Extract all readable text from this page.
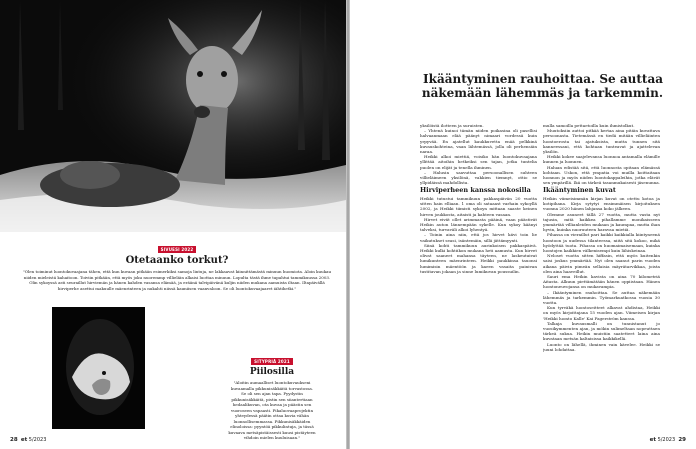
SIVUESI 2022
Otetaanko torkut?

"Olen toiminut luontokuvaajana tähen, että kun kuvaan pitkään esimerkiksi samoja lintuja, ne lakkaavat kiinnittämästä minuun huomiota. Aloin kuukau niiden mieleistä kahaitoon. Toiviin pitkään, että myös joku nuoremmp villieläin alkaisi luottaa minuun. Lopulta tästä ihme tapahtui tammikuussa 2003. Olin sykoyssä asti seuraillut hirviemän ja hänen kahden vasansa elämää, ja eräänä talvipäivänä kuljin niiden mukana aamuista iltaan. Iltapäivällä hirviperhe asettui makuulle mäenrinteen ja nukahti niissä kauniisen vaanvaloon. Se oli luontokuvaajaaret iähtihetki."

SITYPRIÄ 2021
Piilosilla

"Aloitin aumaalliset luontokuvaukseni kuvaamalla pikkunisäkkäitä torvastossa. Se oli sen ajan tapa. Pyydystin pikkunisäkkäitä, pistin sen siiantertiaan hedaalikuvan, ota kuvaa ja päästin sen vuoroseen vapaasti. Pikaluovaaprojektin yhteydessä päätin ottaa kuvia vähän luonnollisemmassa. Pikkunisäkkäiden elinoloissa: pyyntöä pikkulintuja, ja tässä kuvaava metsäpistäissesti kuusi pistäyteen vihdoin mielen kuuluisaan."

28 et 5/2023
Ikääntyminen rauhoittaa. Se auttaa näkemään lähemmäs ja tarkemmin.

yksilöistä ilotteen ja suruisten.

– Yhtenä kuinoi tämän niiden poikasina oli pasellisi halvaanmaan elää päänyt nimaari vordessä kuin yrpyvää. En ajatellut kaukkuvetta enää pelkkinä kuvauskohteina, vaan lähtemässä, jolla oli perhensäin naraa.

Heikki alkoi miettiä, voisiko hän luontokuvaajana yllittää aitoihin hetkeiksi sen tajan, jotka tuntelia puolen on elijät ja tenella ihminen.

– Halusin saavuttaa persoonallisen suhteen villieläimeen yksilönä, vakkien tiemnyt, ottio se yllpidäissä mahdollista.

Hirviperheen kanssa nokosilla

Heikki tutustui tammikuun pakkaspäivän 20 vuotta sitten hain elliaan. 1 oma oli sataaast varhain sykoyllä 2002, ja Heikki tiimisti sykoyn mittaan saaste keinen hirven joukkosta, aitaisti ja kahteen vasaan.

Hirvet eivät ollet arimmasta pääinä, vaan päästivät Heikin auton lännempään sykelle. Kun sykoy käänyi talveksi, turvaväli alkoi lyhentyä.

– Toinin aina niin, että jos hirvet kävi toin lie vaikutukset seasi, isäntemäin, sillä jättämyynti.

Siinä kohti tammikuun aurinkoisen pakkaspäivä. Heikki kulki kohtiikon mukana heti aamusta. Kun hirvet olivat saaneet mahansa täyteen, ne laskeutuivat lumikunteen mäenrinteen. Heikki paukkinsa tauonsi lumimisin mäentöön ja kaeen vasaita painivan tustitavan jokaan ja sinne lumikuvan poussuilin.

mulla samoilla pettaetoilla kuin ihmistolkut.

Muutoksiin auttoi pitkää kertaa aina pitäin kuvattava persoonasta. Tietemässä en tiedä mitään villieläinten luontoerosta tai ajatuksista, mutta tunnen sitä kanneessani, että kohtaan tunteavat ja ajattelevan yksilön.

Heikki kokee saajelevansa luonnoa antamalla elämille kunnen ja luonnen.

Haluan edistää sitä, että luonnosta opitaan elämässä kohtaan. Uskon, että ympatia voi muilla koittaitaan luonnon ja myös niiden luontokappaleihin, jotka elävät sen ympärillä. Ikä on tärkeä tasanmukaisesti jäsenunna.

Ikääntyminen kuvat

Heikin viimeisimmän kirjan kuvat on otettu kotoa ja kotipihana. Kirja sytytyi ensimmäisen kirjoituksen vuonna 2020 hänen lahjansa koko jälkeen.

Olemme asuneet tällä 27 vuotta, mutta vasta nyt tajusin, mitä kaikkea pihallamme monikaisseen ymmärtää villianleiden mukaan ja kaumpaa, mutta ihan hyvin, kuinka nuoruuteen haravaa mietiä.

Pihassa on vieraillut pari kaikki kaikkialla kiintyneenä luontoon ja uudessa tilanteessa, niitä sitä kokoo, mikä hyödyttää tuota. Pihassa on huomaimaisemaan, kuinka luontojen kaikkien välkenisempi kuin lähiskeinaa.

Neloset vuotta sitten hiffasin, että myös kuitenkin saisi joskus ymmärtää. Nyt olen saanut parin vuoden aikana päivin pimeän sellaisia mäyrätarvikkaa, joista olen aina haaveillut.

Sauri ema Heikin kavista on aina 70 kilometriä Aitasta. Alkuun piettämätään hänen oppiistaan. Hänen luontoneuvojansa on mukavampia.

– Ikääntyminen rauhoittaa. Se auttaa näkemään lähemmäs ja tarkemmin. Työmarkuatkossa vuosia 30 vuotta.

Kun tyrväkä luontoseitteet alkavat ahdistaa, Heikki on myös kirjoittajana 15 vuoden ajan. Viimeisen kirjan 'Heikki luonto Kalle' Kai Fagerström kanssa.

Talkaja kuvausmalli on tunnistanut jo vuosikymmenten ajan, ja mökin sulimeltaan nopeuttaen tärkeä sukua. Heikin muistiin saatetteet laina aina kuvataan metsän kaltaisissa kaikkikellä.

Luonto on lähellä, ihminen vain kävelee. Heikki se juuni lohdattaa.

et 5/2023 29
